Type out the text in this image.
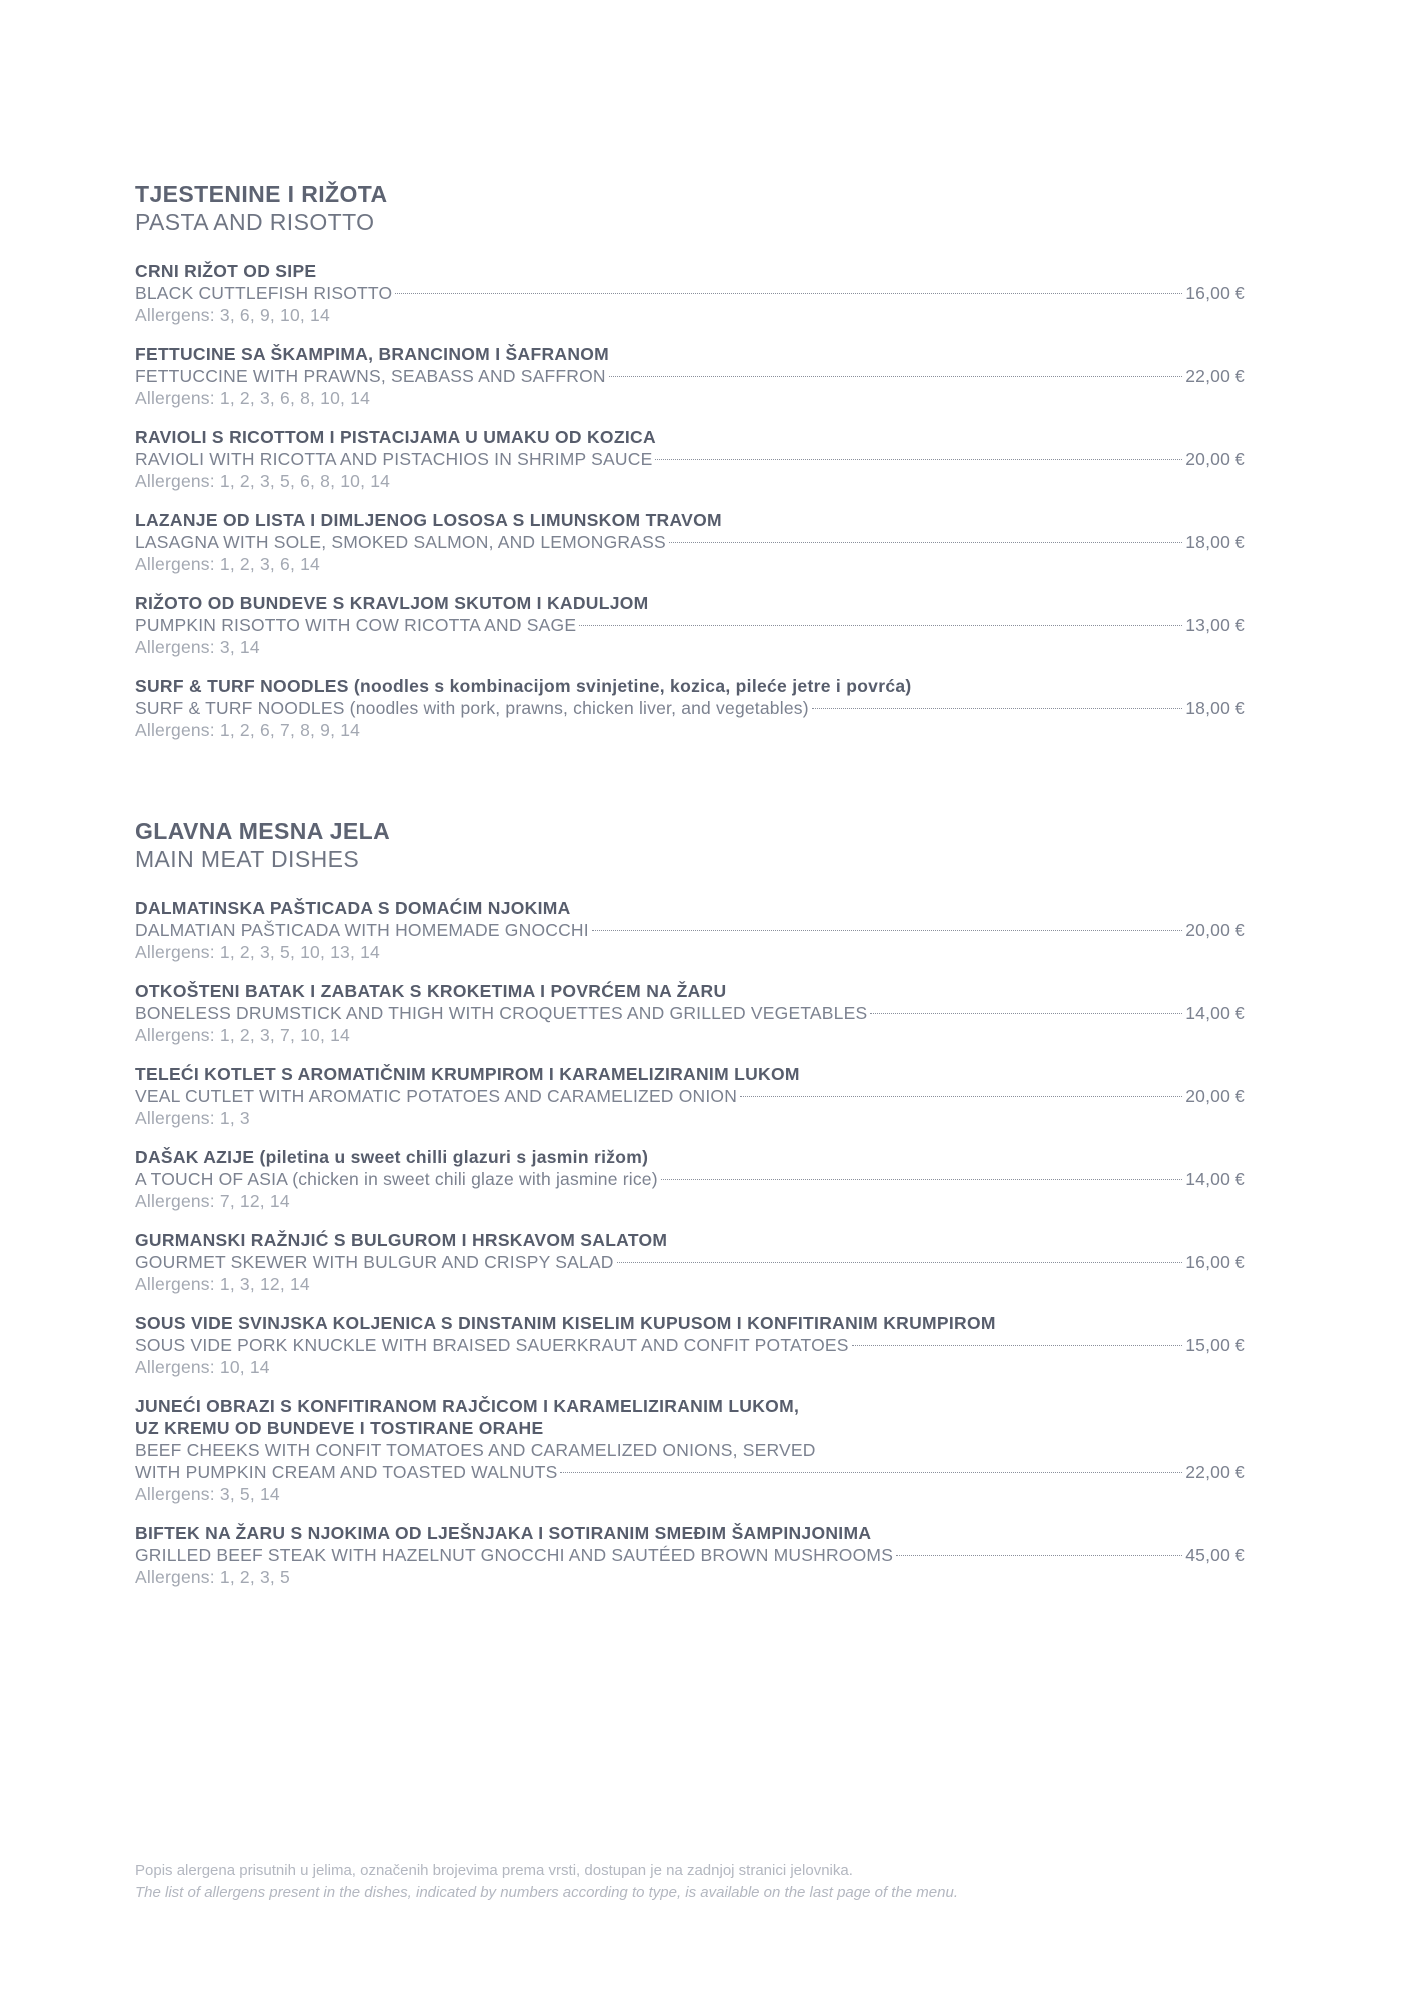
TJESTENINE I RIŽOTA
PASTA AND RISOTTO
CRNI RIŽOT OD SIPE
BLACK CUTTLEFISH RISOTTO	16,00 €
Allergens: 3, 6, 9, 10, 14
FETTUCINE SA ŠKAMPIMA, BRANCINOM I ŠAFRANOM
FETTUCCINE WITH PRAWNS, SEABASS AND SAFFRON	22,00 €
Allergens: 1, 2, 3, 6, 8, 10, 14
RAVIOLI S RICOTTOM I PISTACIJAMA U UMAKU OD KOZICA
RAVIOLI WITH RICOTTA AND PISTACHIOS IN SHRIMP SAUCE	20,00 €
Allergens: 1, 2, 3, 5, 6, 8, 10, 14
LAZANJE OD LISTA I DIMLJENOG LOSOSA S LIMUNSKOM TRAVOM
LASAGNA WITH SOLE, SMOKED SALMON, AND LEMONGRASS	18,00 €
Allergens: 1, 2, 3, 6, 14
RIŽOTO OD BUNDEVE S KRAVLJOM SKUTOM I KADULJOM
PUMPKIN RISOTTO WITH COW RICOTTA AND SAGE	13,00 €
Allergens: 3, 14
SURF & TURF NOODLES (noodles s kombinacijom svinjetine, kozica, pileće jetre i povrća)
SURF & TURF NOODLES (noodles with pork, prawns, chicken liver, and vegetables)	18,00 €
Allergens: 1, 2, 6, 7, 8, 9, 14
GLAVNA MESNA JELA
MAIN MEAT DISHES
DALMATINSKA PAŠTICADA S DOMAĆIM NJOKIMA
DALMATIAN PAŠTICADA WITH HOMEMADE GNOCCHI	20,00 €
Allergens: 1, 2, 3, 5, 10, 13, 14
OTKOŠTENI BATAK I ZABATAK S KROKETIMA I POVRĆEM NA ŽARU
BONELESS DRUMSTICK AND THIGH WITH CROQUETTES AND GRILLED VEGETABLES	14,00 €
Allergens: 1, 2, 3, 7, 10, 14
TELEĆI KOTLET S AROMATIČNIM KRUMPIROM I KARAMELIZIRANIM LUKOM
VEAL CUTLET WITH AROMATIC POTATOES AND CARAMELIZED ONION	20,00 €
Allergens: 1, 3
DAŠAK AZIJE (piletina u sweet chilli glazuri s jasmin rižom)
A TOUCH OF ASIA (chicken in sweet chili glaze with jasmine rice)	14,00 €
Allergens: 7, 12, 14
GURMANSKI RAŽNJIĆ S BULGUROM I HRSKAVOM SALATOM
GOURMET SKEWER WITH BULGUR AND CRISPY SALAD	16,00 €
Allergens: 1, 3, 12, 14
SOUS VIDE SVINJSKA KOLJENICA S DINSTANIM KISELIM KUPUSOM I KONFITIRANIM KRUMPIROM
SOUS VIDE PORK KNUCKLE WITH BRAISED SAUERKRAUT AND CONFIT POTATOES	15,00 €
Allergens: 10, 14
JUNEĆI OBRAZI S KONFITIRANOM RAJČICOM I KARAMELIZIRANIM LUKOM,
UZ KREMU OD BUNDEVE I TOSTIRANE ORAHE
BEEF CHEEKS WITH CONFIT TOMATOES AND CARAMELIZED ONIONS, SERVED
WITH PUMPKIN CREAM AND TOASTED WALNUTS	22,00 €
Allergens: 3, 5, 14
BIFTEK NA ŽARU S NJOKIMA OD LJEŠNJAKA I SOTIRANIM SMEĐIM ŠAMPINJONIMA
GRILLED BEEF STEAK WITH HAZELNUT GNOCCHI AND SAUTÉED BROWN MUSHROOMS	45,00 €
Allergens: 1, 2, 3, 5
Popis alergena prisutnih u jelima, označenih brojevima prema vrsti, dostupan je na zadnjoj stranici jelovnika.
The list of allergens present in the dishes, indicated by numbers according to type, is available on the last page of the menu.
